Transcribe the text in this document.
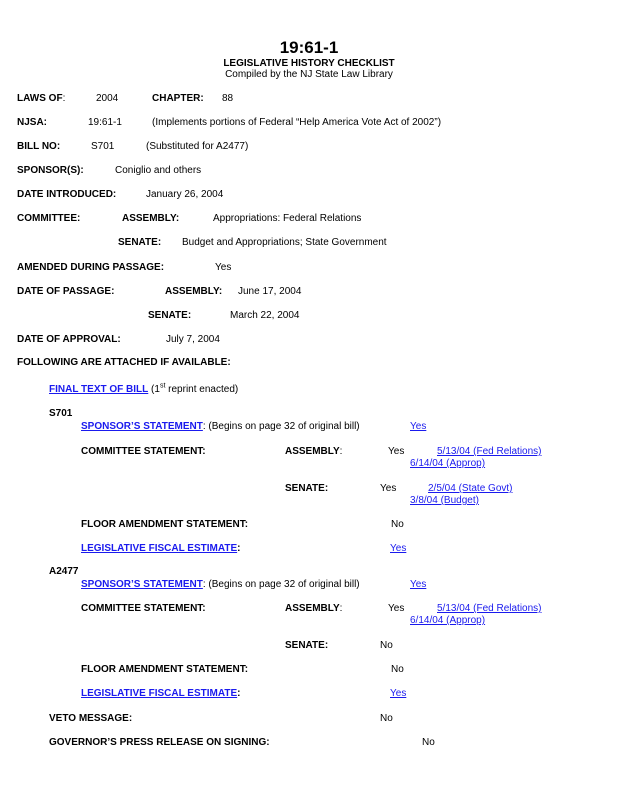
19:61-1
LEGISLATIVE HISTORY CHECKLIST
Compiled by the NJ State Law Library
LAWS OF:	2004	CHAPTER: 88
NJSA:	19:61-1	(Implements portions of Federal “Help America Vote Act of 2002”)
BILL NO:	S701	(Substituted for A2477)
SPONSOR(S):	Coniglio and others
DATE INTRODUCED:	January 26, 2004
COMMITTEE:	ASSEMBLY:	Appropriations: Federal Relations
SENATE: Budget and Appropriations; State Government
AMENDED DURING PASSAGE:	Yes
DATE OF PASSAGE:	ASSEMBLY: June 17, 2004
SENATE:	March 22, 2004
DATE OF APPROVAL:	July 7, 2004
FOLLOWING ARE ATTACHED IF AVAILABLE:
FINAL TEXT OF BILL (1st reprint enacted)
S701
SPONSOR’S STATEMENT: (Begins on page 32 of original bill)	Yes
COMMITTEE STATEMENT:	ASSEMBLY:	Yes	5/13/04 (Fed Relations)
6/14/04 (Approp)
SENATE:	Yes	2/5/04 (State Govt)
3/8/04 (Budget)
FLOOR AMENDMENT STATEMENT:	No
LEGISLATIVE FISCAL ESTIMATE:	Yes
A2477
SPONSOR’S STATEMENT: (Begins on page 32 of original bill)	Yes
COMMITTEE STATEMENT:	ASSEMBLY:	Yes	5/13/04 (Fed Relations)
6/14/04 (Approp)
SENATE:	No
FLOOR AMENDMENT STATEMENT:	No
LEGISLATIVE FISCAL ESTIMATE:	Yes
VETO MESSAGE:	No
GOVERNOR’S PRESS RELEASE ON SIGNING:	No
